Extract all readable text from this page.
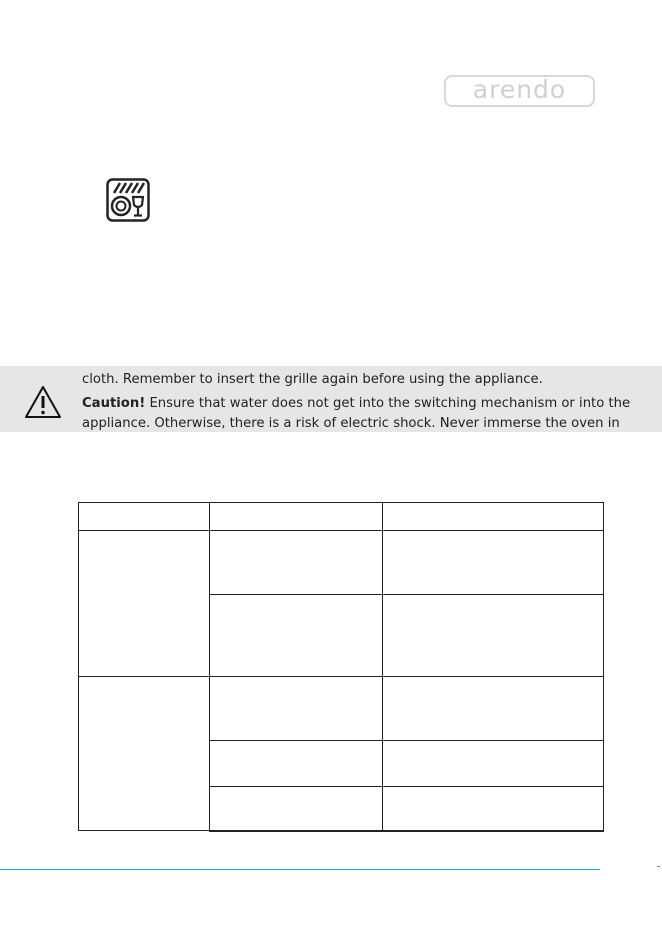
arendo
cloth. Remember to insert the grille again before using the appliance.
Caution! Ensure that water does not get into the switching mechanism or into the
appliance. Otherwise, there is a risk of electric shock. Never immerse the oven in
